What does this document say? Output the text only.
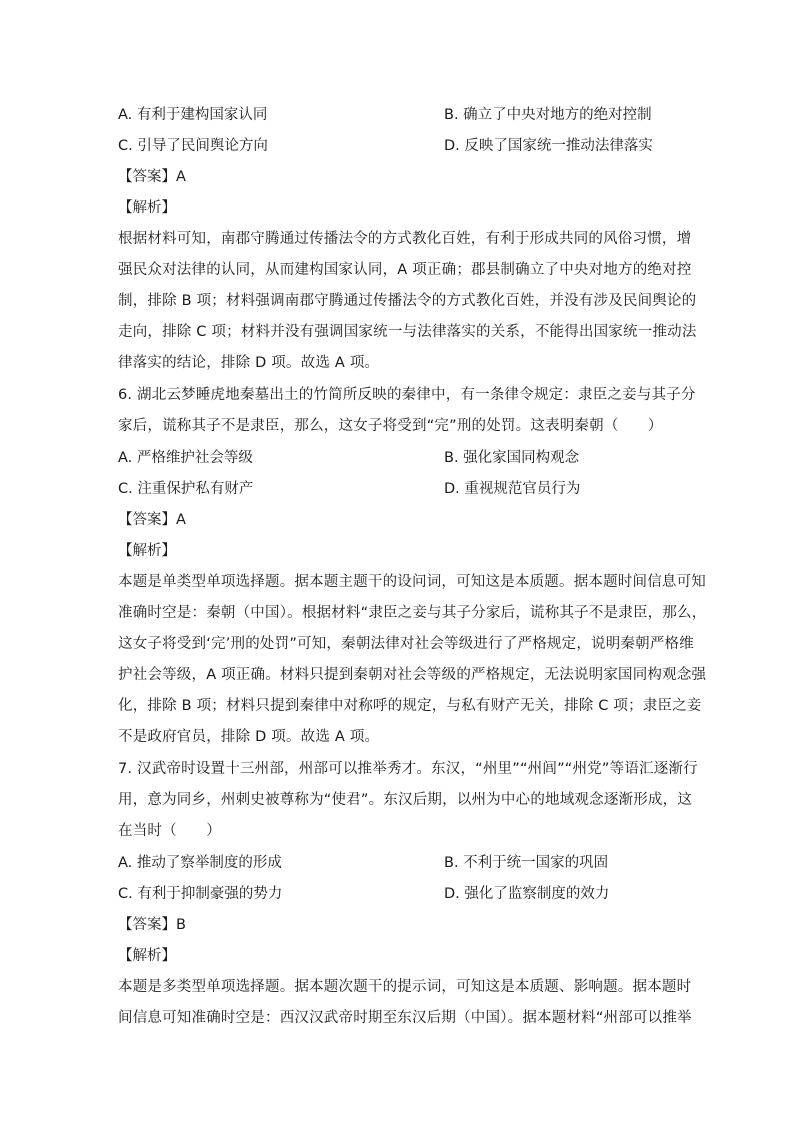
A. 有利于建构国家认同	B. 确立了中央对地方的绝对控制
C. 引导了民间舆论方向	D. 反映了国家统一推动法律落实
【答案】A
【解析】
根据材料可知，南郡守腾通过传播法令的方式教化百姓，有利于形成共同的风俗习惯，增
强民众对法律的认同，从而建构国家认同，A 项正确；郡县制确立了中央对地方的绝对控
制，排除 B 项；材料强调南郡守腾通过传播法令的方式教化百姓，并没有涉及民间舆论的
走向，排除 C 项；材料并没有强调国家统一与法律落实的关系，不能得出国家统一推动法
律落实的结论，排除 D 项。故选 A 项。
6. 湖北云梦睡虎地秦墓出土的竹简所反映的秦律中，有一条律令规定：隶臣之妾与其子分
家后，谎称其子不是隶臣，那么，这女子将受到“完”刑的处罚。这表明秦朝（　　）
A. 严格维护社会等级	B. 强化家国同构观念
C. 注重保护私有财产	D. 重视规范官员行为
【答案】A
【解析】
本题是单类型单项选择题。据本题主题干的设问词，可知这是本质题。据本题时间信息可知
准确时空是：秦朝（中国）。根据材料“隶臣之妾与其子分家后，谎称其子不是隶臣，那么，
这女子将受到‘完’刑的处罚”可知，秦朝法律对社会等级进行了严格规定，说明秦朝严格维
护社会等级，A 项正确。材料只提到秦朝对社会等级的严格规定，无法说明家国同构观念强
化，排除 B 项；材料只提到秦律中对称呼的规定，与私有财产无关，排除 C 项；隶臣之妾
不是政府官员，排除 D 项。故选 A 项。
7. 汉武帝时设置十三州部，州部可以推举秀才。东汉，“州里”“州闾”“州党”等语汇逐渐行
用，意为同乡，州刺史被尊称为“使君”。东汉后期，以州为中心的地域观念逐渐形成，这
在当时（　　）
A. 推动了察举制度的形成	B. 不利于统一国家的巩固
C. 有利于抑制豪强的势力	D. 强化了监察制度的效力
【答案】B
【解析】
本题是多类型单项选择题。据本题次题干的提示词，可知这是本质题、影响题。据本题时
间信息可知准确时空是：西汉汉武帝时期至东汉后期（中国）。据本题材料“州部可以推举
